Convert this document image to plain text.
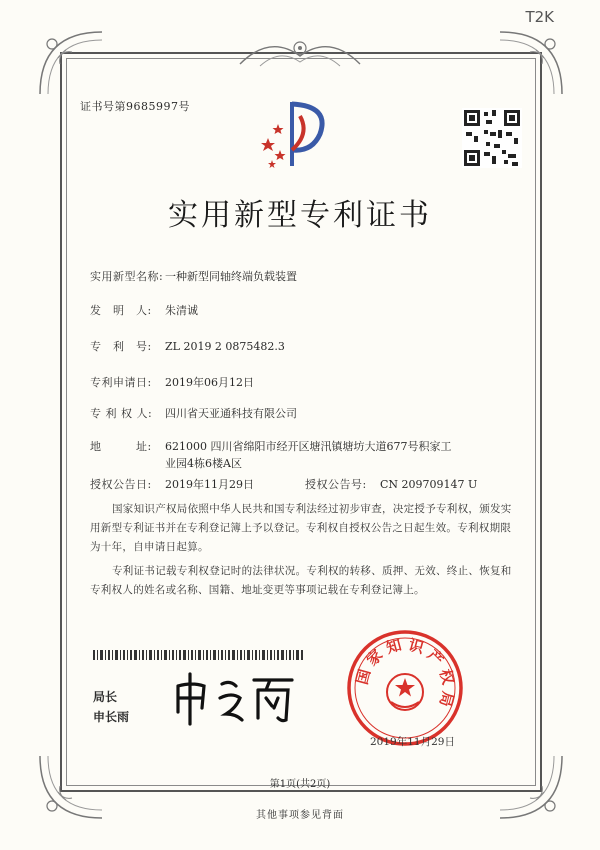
T2K
证书号第9685997号
实用新型专利证书
实用新型名称: 一种新型同轴终端负载装置
发　明　人:	朱清诚
专　利　号:	ZL 2019 2 0875482.3
专利申请日:	2019年06月12日
专 利 权 人:	四川省天亚通科技有限公司
地　　　址:	621000 四川省绵阳市经开区塘汛镇塘坊大道677号积家工
业园4栋6楼A区
授权公告日:	2019年11月29日	授权公告号:	CN 209709147 U
国家知识产权局依照中华人民共和国专利法经过初步审查，决定授予专利权，颁发实用新型专利证书并在专利登记簿上予以登记。专利权自授权公告之日起生效。专利权期限为十年，自申请日起算。
专利证书记载专利权登记时的法律状况。专利权的转移、质押、无效、终止、恢复和专利权人的姓名或名称、国籍、地址变更等事项记载在专利登记簿上。
局长
申长雨
国
家
知 识
产
权
局
2019年11月29日
第1页(共2页)
其他事项参见背面
